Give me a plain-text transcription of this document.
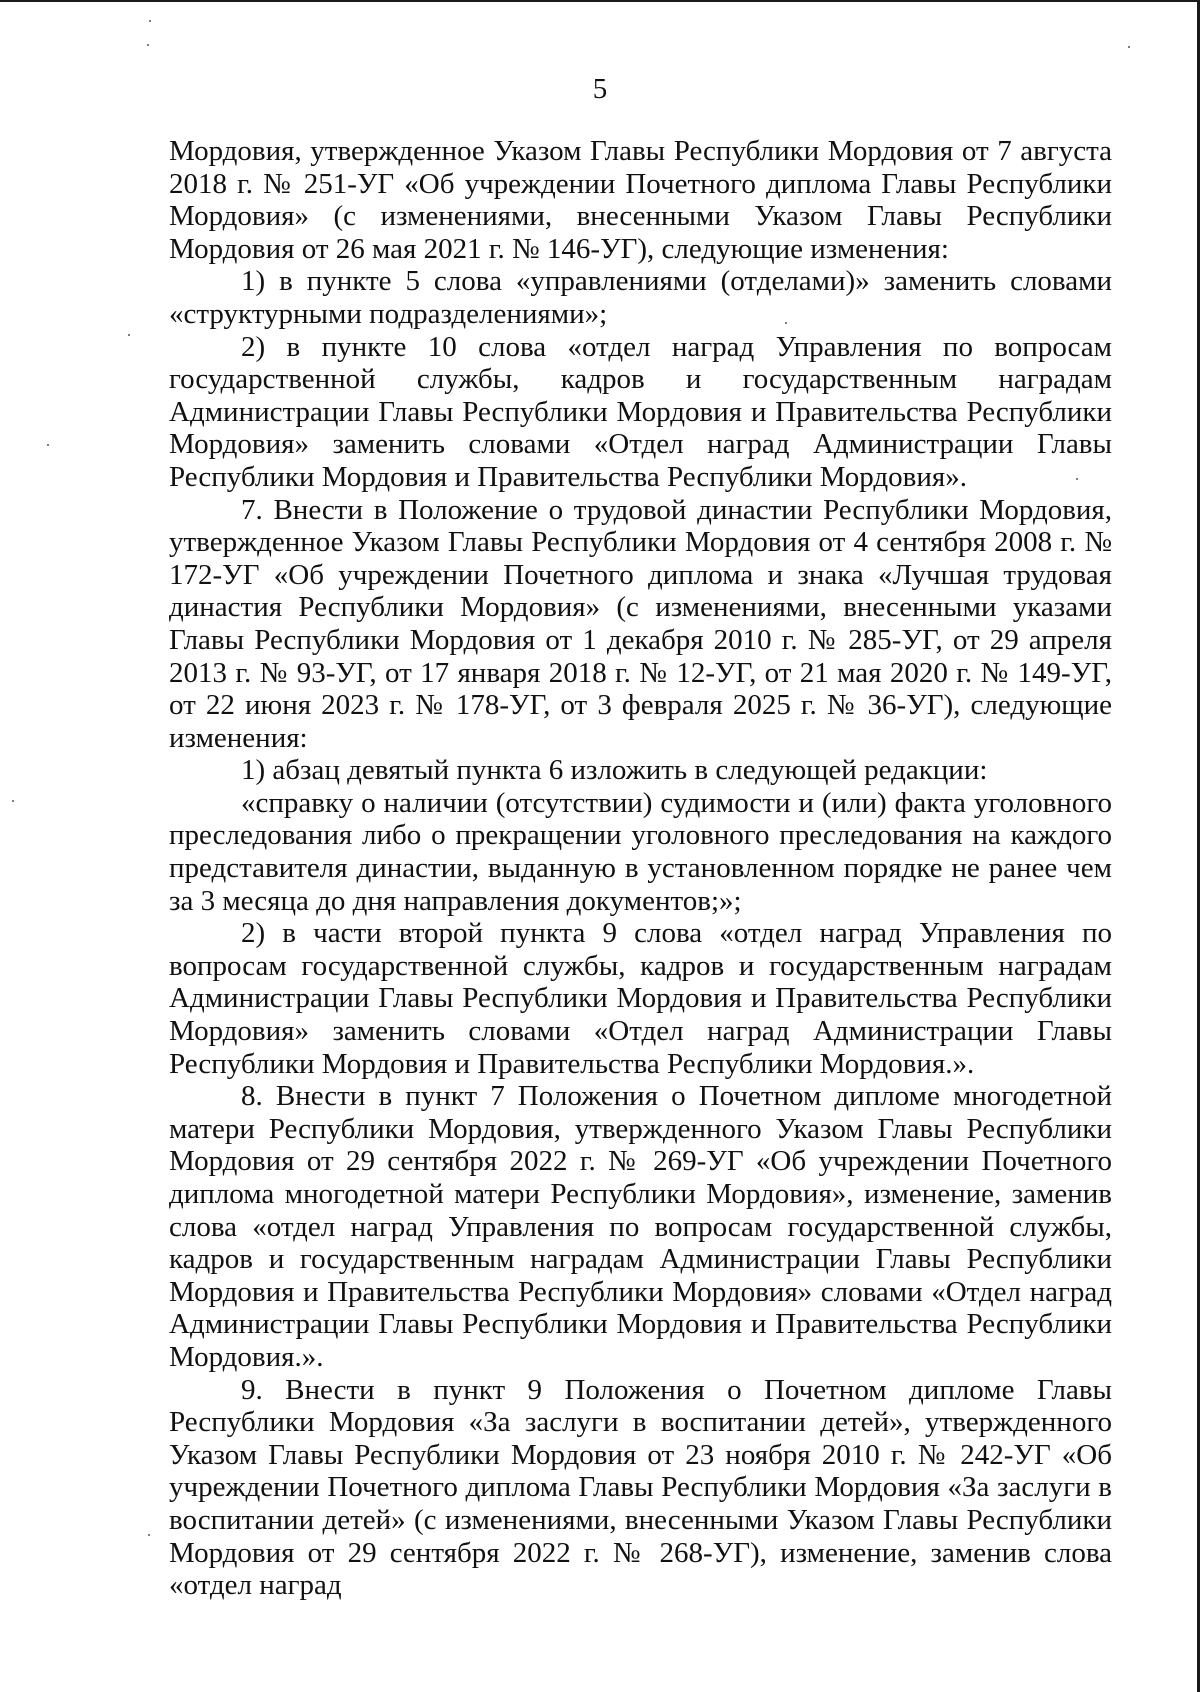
5

Мордовия, утвержденное Указом Главы Республики Мордовия от 7 августа 2018 г. № 251-УГ «Об учреждении Почетного диплома Главы Республики Мордовия» (с изменениями, внесенными Указом Главы Республики Мордовия от 26 мая 2021 г. № 146-УГ), следующие изменения:

1) в пункте 5 слова «управлениями (отделами)» заменить словами «структурными подразделениями»;

2) в пункте 10 слова «отдел наград Управления по вопросам государственной службы, кадров и государственным наградам Администрации Главы Республики Мордовия и Правительства Республики Мордовия» заменить словами «Отдел наград Администрации Главы Республики Мордовия и Правительства Республики Мордовия».

7. Внести в Положение о трудовой династии Республики Мордовия, утвержденное Указом Главы Республики Мордовия от 4 сентября 2008 г. № 172-УГ «Об учреждении Почетного диплома и знака «Лучшая трудовая династия Республики Мордовия» (с изменениями, внесенными указами Главы Республики Мордовия от 1 декабря 2010 г. № 285-УГ, от 29 апреля 2013 г. № 93-УГ, от 17 января 2018 г. № 12-УГ, от 21 мая 2020 г. № 149-УГ, от 22 июня 2023 г. № 178-УГ, от 3 февраля 2025 г. № 36-УГ), следующие изменения:

1) абзац девятый пункта 6 изложить в следующей редакции:

«справку о наличии (отсутствии) судимости и (или) факта уголовного преследования либо о прекращении уголовного преследования на каждого представителя династии, выданную в установленном порядке не ранее чем за 3 месяца до дня направления документов;»;

2) в части второй пункта 9 слова «отдел наград Управления по вопросам государственной службы, кадров и государственным наградам Администрации Главы Республики Мордовия и Правительства Республики Мордовия» заменить словами «Отдел наград Администрации Главы Республики Мордовия и Правительства Республики Мордовия.».

8. Внести в пункт 7 Положения о Почетном дипломе многодетной матери Республики Мордовия, утвержденного Указом Главы Республики Мордовия от 29 сентября 2022 г. № 269-УГ «Об учреждении Почетного диплома многодетной матери Республики Мордовия», изменение, заменив слова «отдел наград Управления по вопросам государственной службы, кадров и государственным наградам Администрации Главы Республики Мордовия и Правительства Республики Мордовия» словами «Отдел наград Администрации Главы Республики Мордовия и Правительства Республики Мордовия.».

9. Внести в пункт 9 Положения о Почетном дипломе Главы Республики Мордовия «За заслуги в воспитании детей», утвержденного Указом Главы Республики Мордовия от 23 ноября 2010 г. № 242-УГ «Об учреждении Почетного диплома Главы Республики Мордовия «За заслуги в воспитании детей» (с изменениями, внесенными Указом Главы Республики Мордовия от 29 сентября 2022 г. № 268-УГ), изменение, заменив слова «отдел наград
